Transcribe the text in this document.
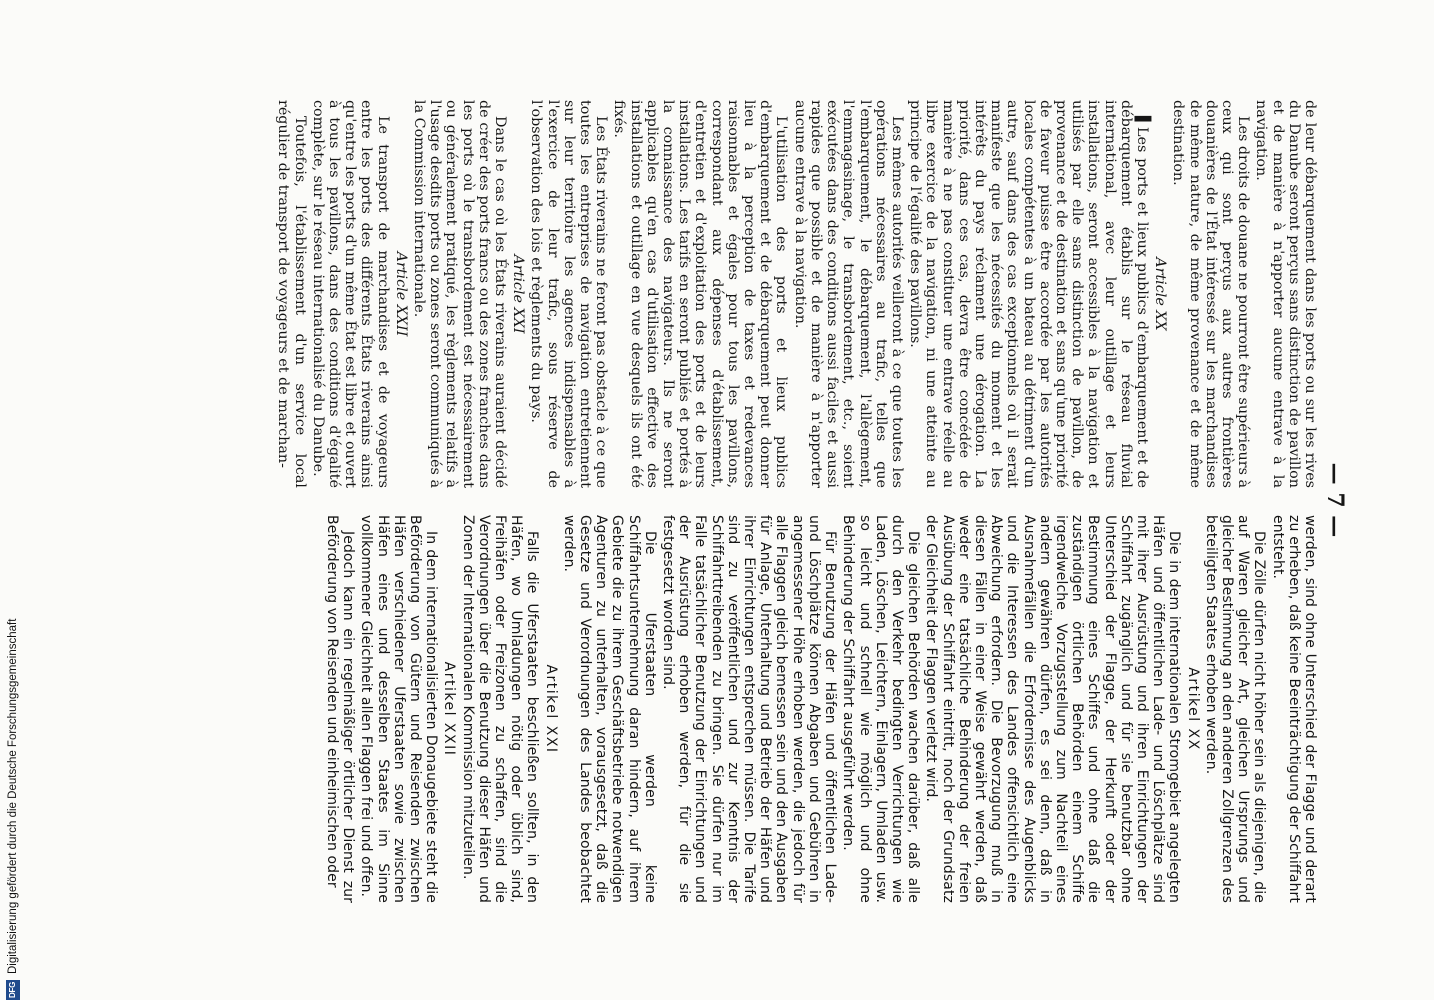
— 7 —

de leur débarquement dans les ports ou sur les rives du Danube seront perçus sans distinction de pavillon et de manière à n'apporter aucune entrave à la navigation.

Les droits de douane ne pourront être supérieurs à ceux qui sont perçus aux autres frontières douanières de l'État intéressé sur les marchandises de même nature, de même provenance et de même destination.

Article XX

▌Les ports et lieux publics d'embarquement et de débarquement établis sur le réseau fluvial international, avec leur outillage et leurs installations, seront accessibles à la navigation et utilisés par elle sans distinction de pavillon, de provenance et de destination et sans qu'une priorité de faveur puisse être accordée par les autorités locales compétentes à un bateau au détriment d'un autre, sauf dans des cas exceptionnels où il serait manifeste que les nécessités du moment et les intérêts du pays réclament une dérogation. La priorité, dans ces cas, devra être concédée de manière à ne pas constituer une entrave réelle au libre exercice de la navigation, ni une atteinte au principe de l'égalité des pavillons.

Les mêmes autorités veilleront à ce que toutes les opérations nécessaires au trafic, telles que l'embarquement, le débarquement, l'allègement, l'emmagasinage, le transbordement, etc., soient exécutées dans des conditions aussi faciles et aussi rapides que possible et de manière à n'apporter aucune entrave à la navigation.

L'utilisation des ports et lieux publics d'embarquement et de débarquement peut donner lieu à la perception de taxes et redevances raisonnables et égales pour tous les pavillons, correspondant aux dépenses d'établissement, d'entretien et d'exploitation des ports et de leurs installations. Les tarifs en seront publiés et portés à la connaissance des navigateurs. Ils ne seront applicables qu'en cas d'utilisation effective des installations et outillage en vue desquels ils ont été fixés.

Les États riverains ne feront pas obstacle à ce que toutes les entreprises de navigation entretiennent sur leur territoire les agences indispensables à l'exercice de leur trafic, sous réserve de l'observation des lois et règlements du pays.

Article XXI

Dans le cas où les États riverains auraient décidé de créer des ports francs ou des zones franches dans les ports où le transbordement est nécessairement ou généralement pratiqué, les règlements relatifs à l'usage desdits ports ou zones seront communiqués à la Commission internationale.

Article XXII

Le transport de marchandises et de voyageurs entre les ports des différents États riverains ainsi qu'entre les ports d'un même État est libre et ouvert à tous les pavillons, dans des conditions d'égalité complète, sur le réseau internationalisé du Danube.

Toutefois, l'établissement d'un service local régulier de transport de voyageurs et de marchan-

werden, sind ohne Unterschied der Flagge und derart zu erheben, daß keine Beeinträchtigung der Schiffahrt entsteht.

Die Zölle dürfen nicht höher sein als diejenigen, die auf Waren gleicher Art, gleichen Ursprungs und gleicher Bestimmung an den anderen Zollgrenzen des beteiligten Staates erhoben werden.

Artikel XX

Die in dem internationalen Stromgebiet angelegten Häfen und öffentlichen Lade- und Löschplätze sind mit ihrer Ausrüstung und ihren Einrichtungen der Schiffahrt zugänglich und für sie benutzbar ohne Unterschied der Flagge, der Herkunft oder der Bestimmung eines Schiffes und ohne daß die zuständigen örtlichen Behörden einem Schiffe irgendwelche Vorzugsstellung zum Nachteil eines andern gewähren dürfen, es sei denn, daß in Ausnahmefällen die Erfordernisse des Augenblicks und die Interessen des Landes offensichtlich eine Abweichung erfordern. Die Bevorzugung muß in diesen Fällen in einer Weise gewährt werden, daß weder eine tatsächliche Behinderung der freien Ausübung der Schiffahrt eintritt, noch der Grundsatz der Gleichheit der Flaggen verletzt wird.

Die gleichen Behörden wachen darüber, daß alle durch den Verkehr bedingten Verrichtungen wie Laden, Löschen, Leichtern, Einlagern, Umladen usw. so leicht und schnell wie möglich und ohne Behinderung der Schiffahrt ausgeführt werden.

Für Benutzung der Häfen und öffentlichen Lade- und Löschplätze können Abgaben und Gebühren in angemessener Höhe erhoben werden, die jedoch für alle Flaggen gleich bemessen sein und den Ausgaben für Anlage, Unterhaltung und Betrieb der Häfen und ihrer Einrichtungen entsprechen müssen. Die Tarife sind zu veröffentlichen und zur Kenntnis der Schiffahrttreibenden zu bringen. Sie dürfen nur im Falle tatsächlicher Benutzung der Einrichtungen und der Ausrüstung erhoben werden, für die sie festgesetzt worden sind.

Die Uferstaaten werden keine Schiffahrtsunternehmung daran hindern, auf ihrem Gebiete die zu ihrem Geschäftsbetriebe notwendigen Agenturen zu unterhalten, vorausgesetzt, daß die Gesetze und Verordnungen des Landes beobachtet werden.

Artikel XXI

Falls die Uferstaaten beschließen sollten, in den Häfen, wo Umladungen nötig oder üblich sind, Freihäfen oder Freizonen zu schaffen, sind die Verordnungen über die Benutzung dieser Häfen und Zonen der Internationalen Kommission mitzuteilen.

Artikel XXII

In dem internationalisierten Donaugebiete steht die Beförderung von Gütern und Reisenden zwischen Häfen verschiedener Uferstaaten sowie zwischen Häfen eines und desselben Staates im Sinne vollkommener Gleichheit allen Flaggen frei und offen.

Jedoch kann ein regelmäßiger örtlicher Dienst zur Beförderung von Reisenden und einheimischen oder

DFG
Digitalisierung gefördert durch die Deutsche Forschungsgemeinschaft
